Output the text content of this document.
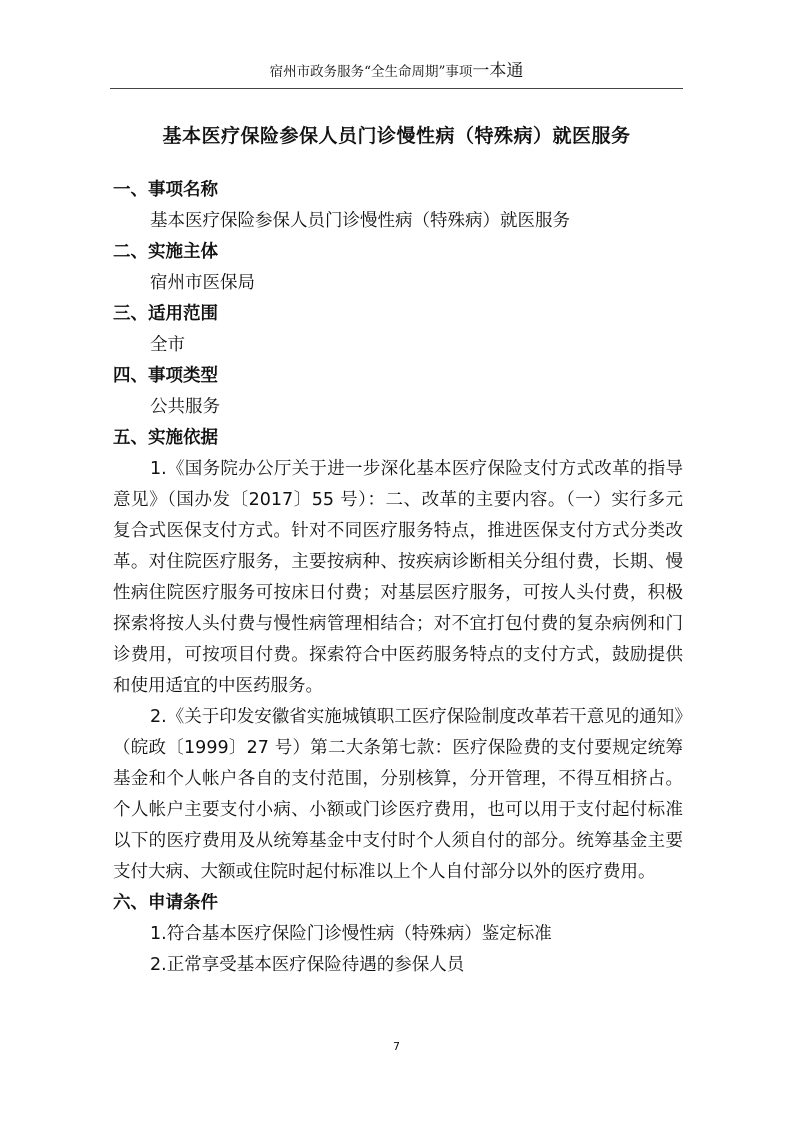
宿州市政务服务“全生命周期”事项一本通
基本医疗保险参保人员门诊慢性病（特殊病）就医服务

一、事项名称

基本医疗保险参保人员门诊慢性病（特殊病）就医服务

二、实施主体

宿州市医保局

三、适用范围

全市

四、事项类型

公共服务

五、实施依据

1.《国务院办公厅关于进一步深化基本医疗保险支付方式改革的指导意见》（国办发〔2017〕55 号）：二、改革的主要内容。（一）实行多元复合式医保支付方式。针对不同医疗服务特点，推进医保支付方式分类改革。对住院医疗服务，主要按病种、按疾病诊断相关分组付费，长期、慢性病住院医疗服务可按床日付费；对基层医疗服务，可按人头付费，积极探索将按人头付费与慢性病管理相结合；对不宜打包付费的复杂病例和门诊费用，可按项目付费。探索符合中医药服务特点的支付方式，鼓励提供和使用适宜的中医药服务。

2.《关于印发安徽省实施城镇职工医疗保险制度改革若干意见的通知》（皖政〔1999〕27 号）第二大条第七款：医疗保险费的支付要规定统筹基金和个人帐户各自的支付范围，分别核算，分开管理，不得互相挤占。个人帐户主要支付小病、小额或门诊医疗费用，也可以用于支付起付标准以下的医疗费用及从统筹基金中支付时个人须自付的部分。统筹基金主要支付大病、大额或住院时起付标准以上个人自付部分以外的医疗费用。

六、申请条件

1.符合基本医疗保险门诊慢性病（特殊病）鉴定标准

2.正常享受基本医疗保险待遇的参保人员

7
